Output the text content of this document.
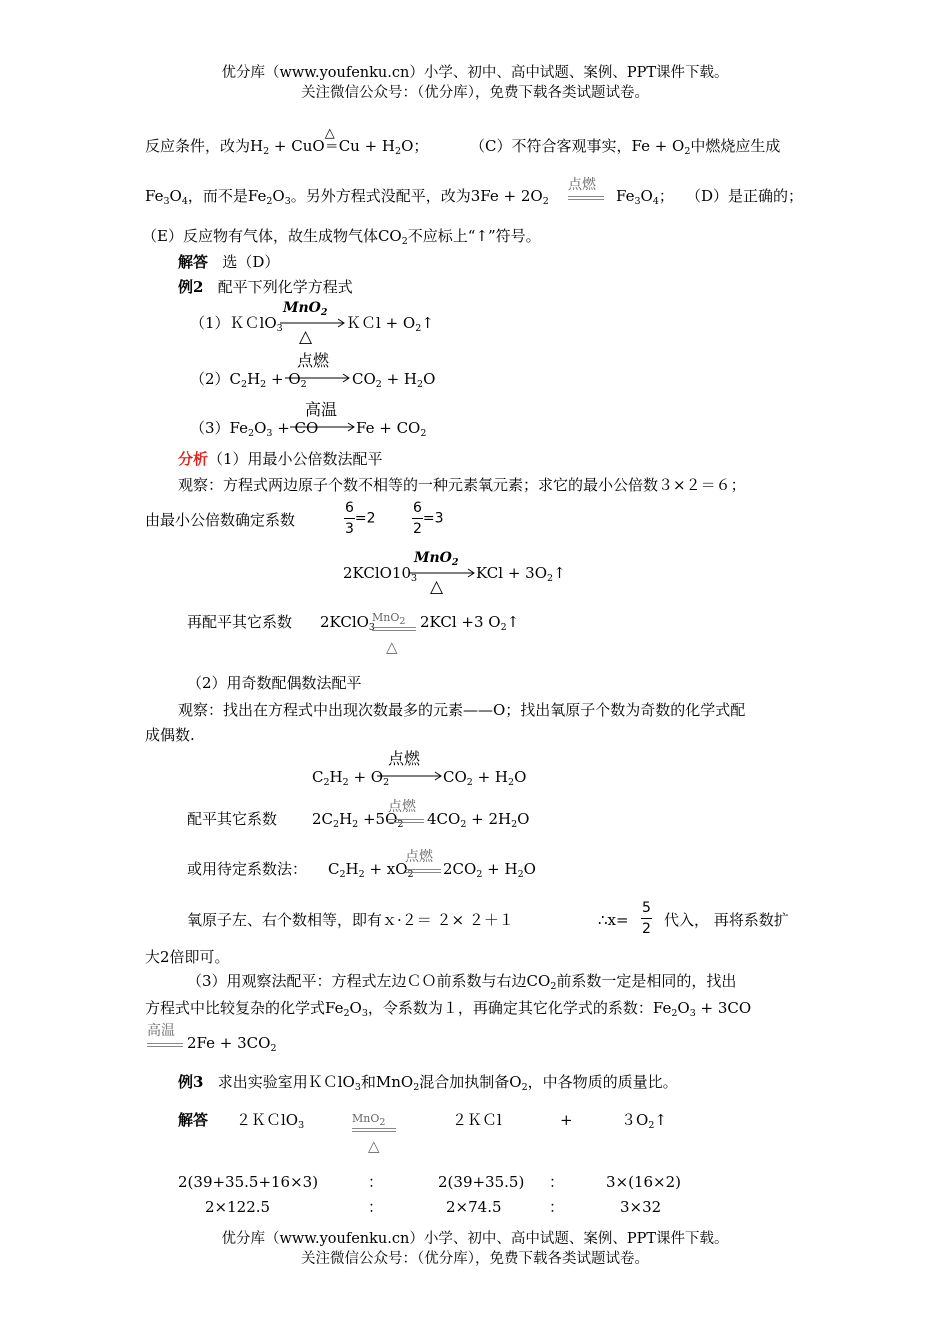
优分库（www.youfenku.cn）小学、初中、高中试题、案例、PPT课件下载。
关注微信公众号：（优分库），免费下载各类试题试卷。
反应条件，改为$H_2$ + CuO
△
═ $Cu + H_2O$；	（C）不符合客观事实，$Fe + O_2$中燃烧应生成
$Fe_3O_4$，而不是$Fe_2O_3$。另外方程式没配平，改为$3Fe + 2O_2$
点燃
$Fe_3O_4$； （D）是正确的；
（E）反应物有气体，故生成物气体$CO_2$不应标上“↑”符号。
解答 选（D）
例2 配平下列化学方程式
（1）ＫＣlO$_3$
MnO$_2$
△
ＫＣl + $O_2↑$
$(2)C_2H_2 + O_2$
点燃
$CO_2 + H_2O$
$(3)Fe_2O_3$ + CO
高温
$Fe + CO_2$
分析（1）用最小公倍数法配平
观察：方程式两边原子个数不相等的一种元素氧元素；求它的最小公倍数３×２＝６；
由最小公倍数确定系数	$\frac{6}{3} =2$	$\frac{6}{2} =3$
$2KClO10_3$
MnO$_2$
△
KCl + $3O_2↑$
再配平其它系数 2KClO$_3$
MnO2
△
2KCl +3 $O_2↑$
（2）用奇数配偶数法配平
观察：找出在方程式中出现次数最多的元素——O；找出氧原子个数为奇数的化学式配
成偶数.
$C_2H_2 + O_2$
点燃
$CO_2 + H_2O$
配平其它系数 $2C_2H_2 +5O_2$
点燃
$4CO_2 + 2H_2O$
或用待定系数法： $C_2H_2 + xO_2$
点燃
$2CO_2 + H_2O$
氧原子左、右个数相等，即有ｘ·２＝ ２× ２＋１	∴x= $\frac{5}{2}$ 代入， 再将系数扩
大2倍即可。
（3）用观察法配平：方程式左边ＣＯ前系数与右边$CO_2$前系数一定是相同的，找出
方程式中比较复杂的化学式$Fe_2O_3$，令系数为１，再确定其它化学式的系数：$Fe_2O_3 + 3CO$
高温
$2Fe + 3CO_2$
例3 求出实验室用ＫＣlO$_3$和MnO$_2$混合加执制备$O_2$，中各物质的质量比。
解答 ２ＫＣlO$_3$
MnO2
△
２ＫＣl	+	$3O_2↑$
2(39+35.5+16×3)	：	2(39+35.5) ：	3×(16×2)
2×122.5	：	2×74.5	：	3×32
优分库（www.youfenku.cn）小学、初中、高中试题、案例、PPT课件下载。
关注微信公众号：（优分库），免费下载各类试题试卷。
